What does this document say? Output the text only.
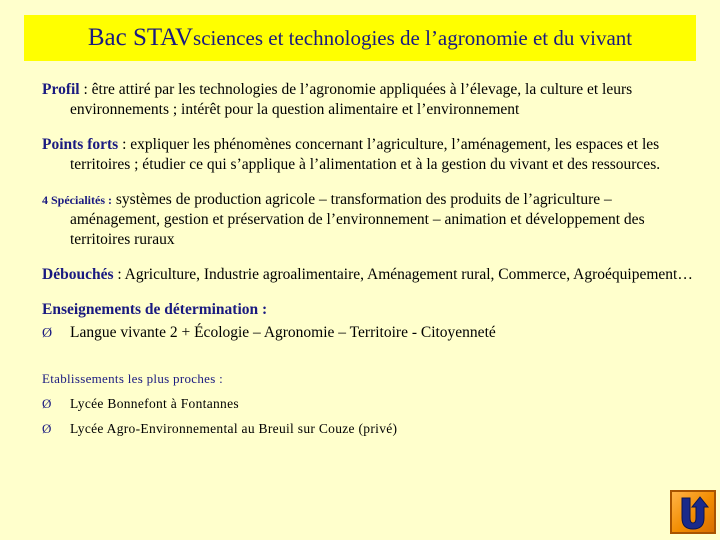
Bac STAV sciences et technologies de l’agronomie et du vivant

Profil : être attiré par les technologies de l’agronomie appliquées à l’élevage, la culture et leurs environnements ; intérêt pour la question alimentaire et l’environnement

Points forts : expliquer les phénomènes concernant l’agriculture, l’aménagement, les espaces et les territoires ; étudier ce qui s’applique à l’alimentation et à la gestion du vivant et des ressources.

4 Spécialités : systèmes de production agricole – transformation des produits de l’agriculture – aménagement, gestion et préservation de l’environnement – animation et développement des territoires ruraux

Débouchés : Agriculture, Industrie agroalimentaire, Aménagement rural, Commerce, Agroéquipement…

Enseignements de détermination :

Ø	Langue vivante 2 + Écologie – Agronomie – Territoire - Citoyenneté

Etablissements les plus proches :

Ø	Lycée Bonnefont à Fontannes
Ø	Lycée Agro-Environnemental au Breuil sur Couze (privé)
